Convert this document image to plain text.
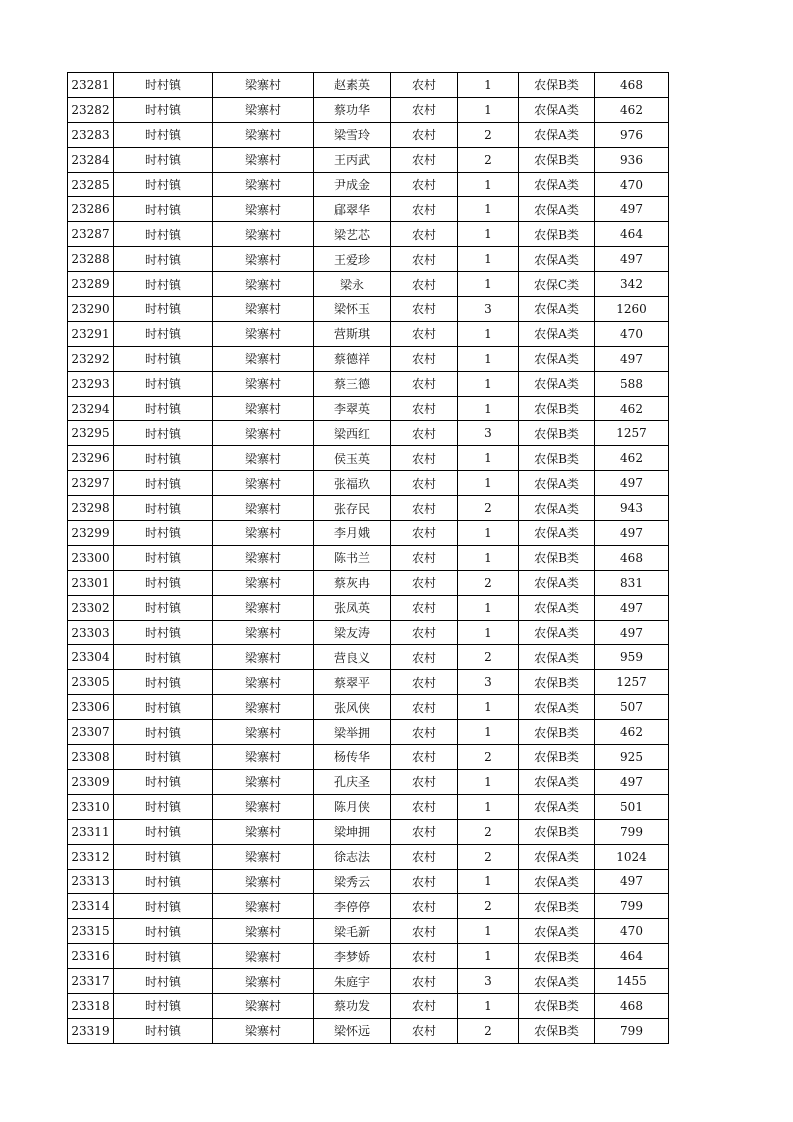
23281	时村镇	梁寨村	赵素英	农村	1	农保B类	468
23282	时村镇	梁寨村	蔡功华	农村	1	农保A类	462
23283	时村镇	梁寨村	梁雪玲	农村	2	农保A类	976
23284	时村镇	梁寨村	王丙武	农村	2	农保B类	936
23285	时村镇	梁寨村	尹成金	农村	1	农保A类	470
23286	时村镇	梁寨村	郈翠华	农村	1	农保A类	497
23287	时村镇	梁寨村	梁艺芯	农村	1	农保B类	464
23288	时村镇	梁寨村	王爱珍	农村	1	农保A类	497
23289	时村镇	梁寨村	梁永	农村	1	农保C类	342
23290	时村镇	梁寨村	梁怀玉	农村	3	农保A类	1260
23291	时村镇	梁寨村	营斯琪	农村	1	农保A类	470
23292	时村镇	梁寨村	蔡德祥	农村	1	农保A类	497
23293	时村镇	梁寨村	蔡三德	农村	1	农保A类	588
23294	时村镇	梁寨村	李翠英	农村	1	农保B类	462
23295	时村镇	梁寨村	梁西红	农村	3	农保B类	1257
23296	时村镇	梁寨村	侯玉英	农村	1	农保B类	462
23297	时村镇	梁寨村	张福玖	农村	1	农保A类	497
23298	时村镇	梁寨村	张存民	农村	2	农保A类	943
23299	时村镇	梁寨村	李月娥	农村	1	农保A类	497
23300	时村镇	梁寨村	陈书兰	农村	1	农保B类	468
23301	时村镇	梁寨村	蔡灰冉	农村	2	农保A类	831
23302	时村镇	梁寨村	张凤英	农村	1	农保A类	497
23303	时村镇	梁寨村	梁友涛	农村	1	农保A类	497
23304	时村镇	梁寨村	营良义	农村	2	农保A类	959
23305	时村镇	梁寨村	蔡翠平	农村	3	农保B类	1257
23306	时村镇	梁寨村	张风侠	农村	1	农保A类	507
23307	时村镇	梁寨村	梁举拥	农村	1	农保B类	462
23308	时村镇	梁寨村	杨传华	农村	2	农保B类	925
23309	时村镇	梁寨村	孔庆圣	农村	1	农保A类	497
23310	时村镇	梁寨村	陈月侠	农村	1	农保A类	501
23311	时村镇	梁寨村	梁坤拥	农村	2	农保B类	799
23312	时村镇	梁寨村	徐志法	农村	2	农保A类	1024
23313	时村镇	梁寨村	梁秀云	农村	1	农保A类	497
23314	时村镇	梁寨村	李停停	农村	2	农保B类	799
23315	时村镇	梁寨村	梁毛新	农村	1	农保A类	470
23316	时村镇	梁寨村	李梦娇	农村	1	农保B类	464
23317	时村镇	梁寨村	朱庭宇	农村	3	农保A类	1455
23318	时村镇	梁寨村	蔡功发	农村	1	农保B类	468
23319	时村镇	梁寨村	梁怀远	农村	2	农保B类	799
